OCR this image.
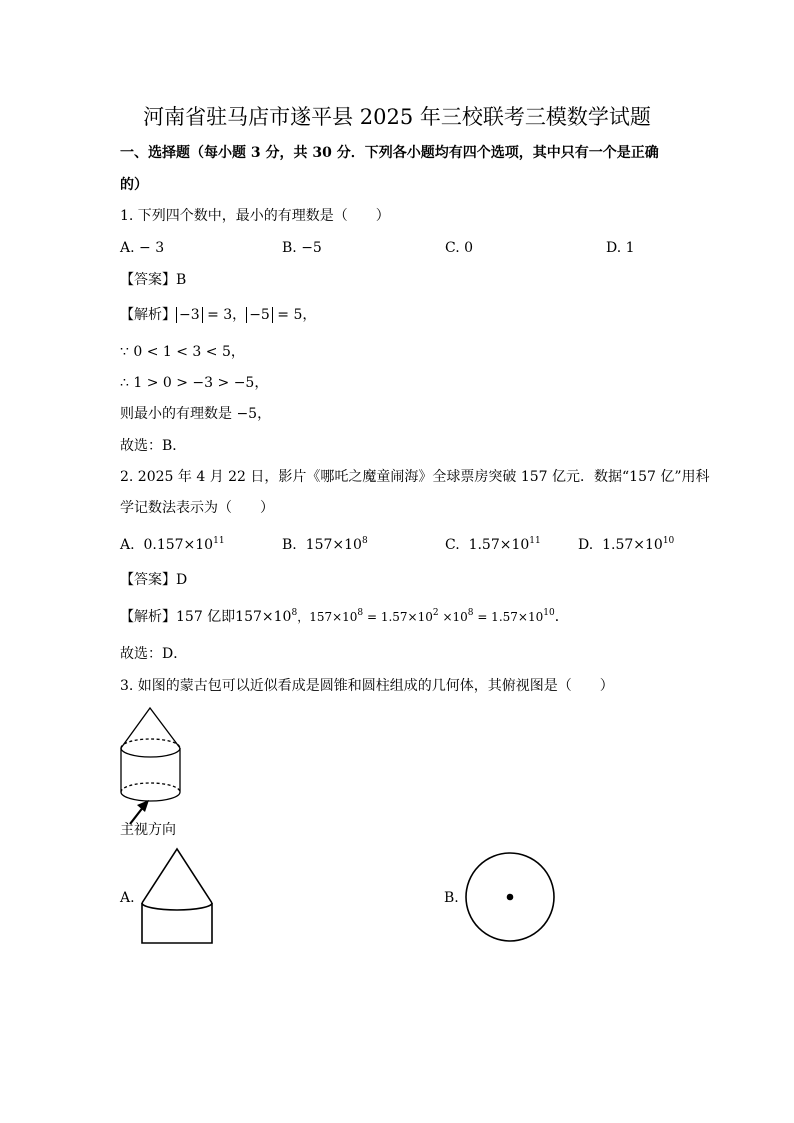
河南省驻马店市遂平县 2025 年三校联考三模数学试题
一、选择题（每小题 3 分，共 30 分．下列各小题均有四个选项，其中只有一个是正确
的）
1. 下列四个数中，最小的有理数是（　　）
A. − 3	B. −5	C. 0	D. 1
【答案】B
【解析】 −3 = 3， −5 = 5，
∵ 0 < 1 < 3 < 5，
∴ 1 > 0 > −3 > −5，
则最小的有理数是 −5，
故选：B．
2. 2025 年 4 月 22 日，影片《哪吒之魔童闹海》全球票房突破 157 亿元．数据“157 亿”用科
学记数法表示为（　　）
A. $0.157\times 10^{11}$	B. $157\times 10^8$	C. $1.57\times 10^{11}$	D. $1.57\times 10^{10}$
【答案】D
【解析】157 亿即$157\times 10^8$，$157\times 10^8 = 1.57\times 10^2 \times 10^8 = 1.57\times 10^{10}$．
故选：D．
3. 如图的蒙古包可以近似看成是圆锥和圆柱组成的几何体，其俯视图是（　　）
主视方向
A.	B.
